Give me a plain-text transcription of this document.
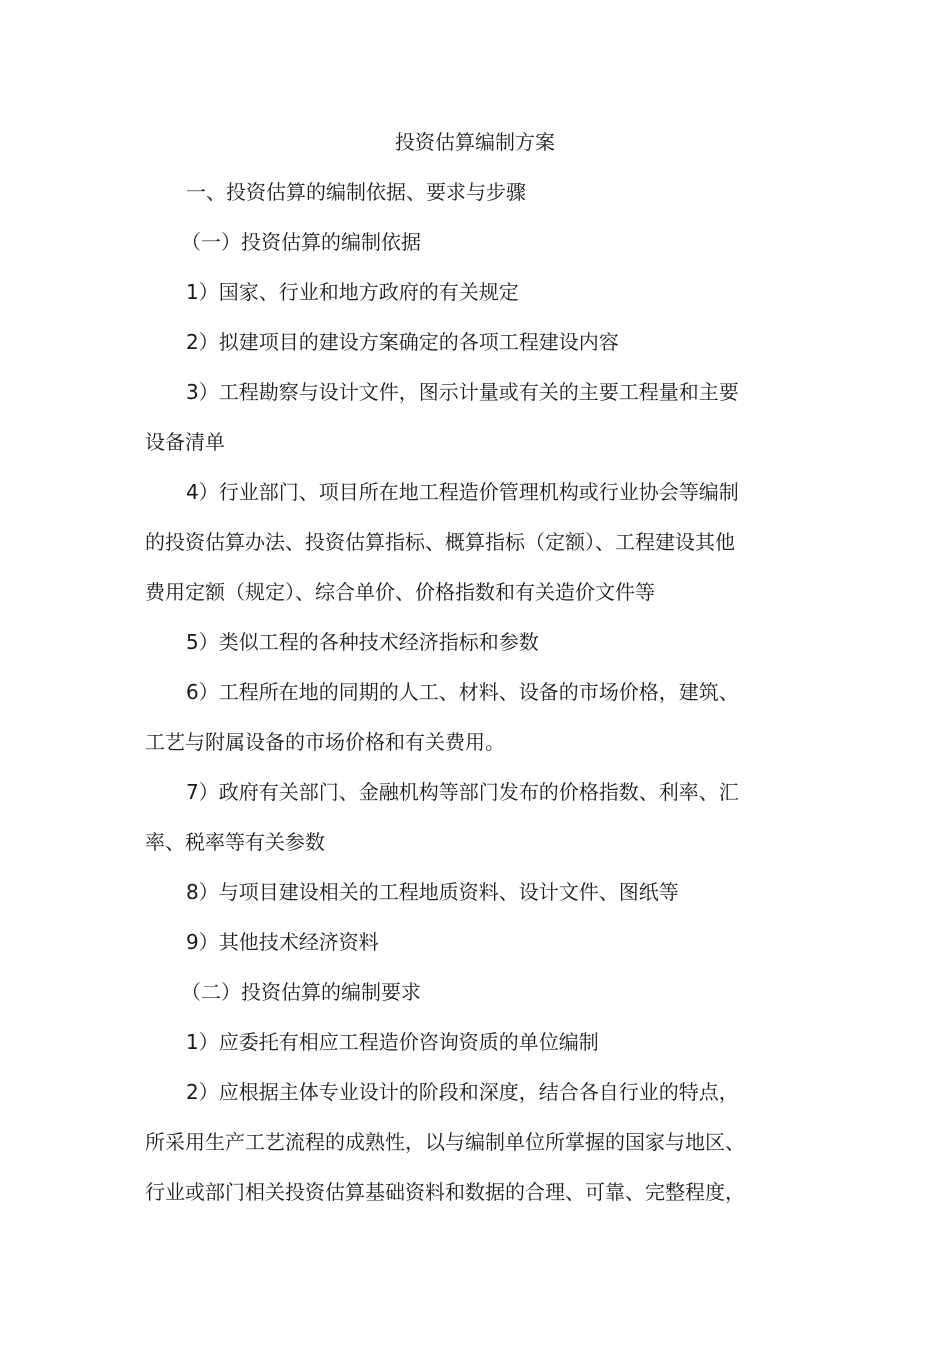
投资估算编制方案
一、投资估算的编制依据、要求与步骤
（一）投资估算的编制依据
1）国家、行业和地方政府的有关规定
2）拟建项目的建设方案确定的各项工程建设内容
3）工程勘察与设计文件，图示计量或有关的主要工程量和主要
设备清单
4）行业部门、项目所在地工程造价管理机构或行业协会等编制
的投资估算办法、投资估算指标、概算指标（定额）、工程建设其他
费用定额（规定）、综合单价、价格指数和有关造价文件等
5）类似工程的各种技术经济指标和参数
6）工程所在地的同期的人工、材料、设备的市场价格，建筑、
工艺与附属设备的市场价格和有关费用。
7）政府有关部门、金融机构等部门发布的价格指数、利率、汇
率、税率等有关参数
8）与项目建设相关的工程地质资料、设计文件、图纸等
9）其他技术经济资料
（二）投资估算的编制要求
1）应委托有相应工程造价咨询资质的单位编制
2）应根据主体专业设计的阶段和深度，结合各自行业的特点，
所采用生产工艺流程的成熟性，以与编制单位所掌握的国家与地区、
行业或部门相关投资估算基础资料和数据的合理、可靠、完整程度，
